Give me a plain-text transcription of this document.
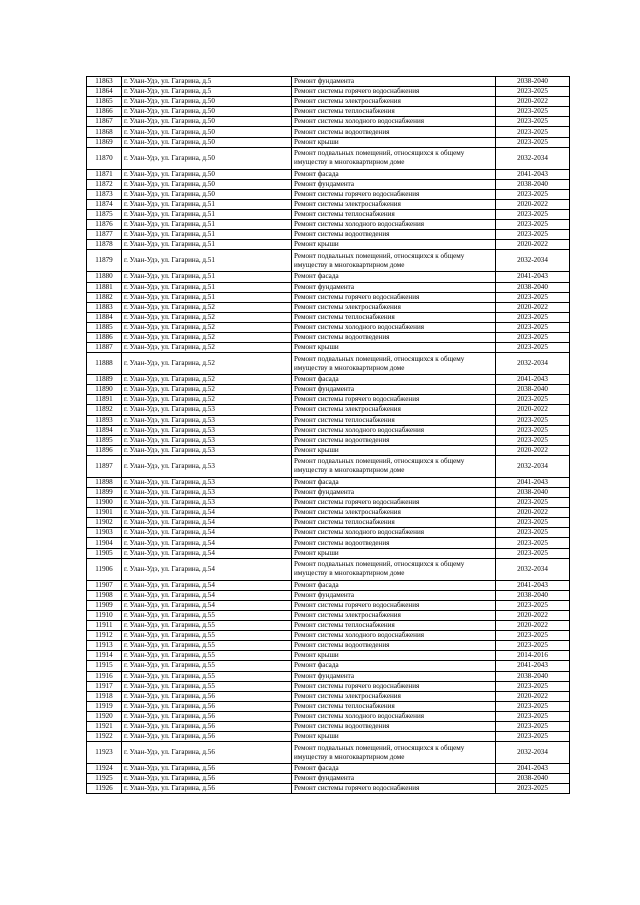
11863	г. Улан-Удэ, ул. Гагарина, д.5	Ремонт фундамента	2038-2040
11864	г. Улан-Удэ, ул. Гагарина, д.5	Ремонт системы горячего водоснабжения	2023-2025
11865	г. Улан-Удэ, ул. Гагарина, д.50	Ремонт системы электроснабжения	2020-2022
11866	г. Улан-Удэ, ул. Гагарина, д.50	Ремонт системы теплоснабжения	2023-2025
11867	г. Улан-Удэ, ул. Гагарина, д.50	Ремонт системы холодного водоснабжения	2023-2025
11868	г. Улан-Удэ, ул. Гагарина, д.50	Ремонт системы водоотведения	2023-2025
11869	г. Улан-Удэ, ул. Гагарина, д.50	Ремонт крыши	2023-2025
11870	г. Улан-Удэ, ул. Гагарина, д.50	Ремонт подвальных помещений, относящихся к общему имуществу в многоквартирном доме	2032-2034
11871	г. Улан-Удэ, ул. Гагарина, д.50	Ремонт фасада	2041-2043
11872	г. Улан-Удэ, ул. Гагарина, д.50	Ремонт фундамента	2038-2040
11873	г. Улан-Удэ, ул. Гагарина, д.50	Ремонт системы горячего водоснабжения	2023-2025
11874	г. Улан-Удэ, ул. Гагарина, д.51	Ремонт системы электроснабжения	2020-2022
11875	г. Улан-Удэ, ул. Гагарина, д.51	Ремонт системы теплоснабжения	2023-2025
11876	г. Улан-Удэ, ул. Гагарина, д.51	Ремонт системы холодного водоснабжения	2023-2025
11877	г. Улан-Удэ, ул. Гагарина, д.51	Ремонт системы водоотведения	2023-2025
11878	г. Улан-Удэ, ул. Гагарина, д.51	Ремонт крыши	2020-2022
11879	г. Улан-Удэ, ул. Гагарина, д.51	Ремонт подвальных помещений, относящихся к общему имуществу в многоквартирном доме	2032-2034
11880	г. Улан-Удэ, ул. Гагарина, д.51	Ремонт фасада	2041-2043
11881	г. Улан-Удэ, ул. Гагарина, д.51	Ремонт фундамента	2038-2040
11882	г. Улан-Удэ, ул. Гагарина, д.51	Ремонт системы горячего водоснабжения	2023-2025
11883	г. Улан-Удэ, ул. Гагарина, д.52	Ремонт системы электроснабжения	2020-2022
11884	г. Улан-Удэ, ул. Гагарина, д.52	Ремонт системы теплоснабжения	2023-2025
11885	г. Улан-Удэ, ул. Гагарина, д.52	Ремонт системы холодного водоснабжения	2023-2025
11886	г. Улан-Удэ, ул. Гагарина, д.52	Ремонт системы водоотведения	2023-2025
11887	г. Улан-Удэ, ул. Гагарина, д.52	Ремонт крыши	2023-2025
11888	г. Улан-Удэ, ул. Гагарина, д.52	Ремонт подвальных помещений, относящихся к общему имуществу в многоквартирном доме	2032-2034
11889	г. Улан-Удэ, ул. Гагарина, д.52	Ремонт фасада	2041-2043
11890	г. Улан-Удэ, ул. Гагарина, д.52	Ремонт фундамента	2038-2040
11891	г. Улан-Удэ, ул. Гагарина, д.52	Ремонт системы горячего водоснабжения	2023-2025
11892	г. Улан-Удэ, ул. Гагарина, д.53	Ремонт системы электроснабжения	2020-2022
11893	г. Улан-Удэ, ул. Гагарина, д.53	Ремонт системы теплоснабжения	2023-2025
11894	г. Улан-Удэ, ул. Гагарина, д.53	Ремонт системы холодного водоснабжения	2023-2025
11895	г. Улан-Удэ, ул. Гагарина, д.53	Ремонт системы водоотведения	2023-2025
11896	г. Улан-Удэ, ул. Гагарина, д.53	Ремонт крыши	2020-2022
11897	г. Улан-Удэ, ул. Гагарина, д.53	Ремонт подвальных помещений, относящихся к общему имуществу в многоквартирном доме	2032-2034
11898	г. Улан-Удэ, ул. Гагарина, д.53	Ремонт фасада	2041-2043
11899	г. Улан-Удэ, ул. Гагарина, д.53	Ремонт фундамента	2038-2040
11900	г. Улан-Удэ, ул. Гагарина, д.53	Ремонт системы горячего водоснабжения	2023-2025
11901	г. Улан-Удэ, ул. Гагарина, д.54	Ремонт системы электроснабжения	2020-2022
11902	г. Улан-Удэ, ул. Гагарина, д.54	Ремонт системы теплоснабжения	2023-2025
11903	г. Улан-Удэ, ул. Гагарина, д.54	Ремонт системы холодного водоснабжения	2023-2025
11904	г. Улан-Удэ, ул. Гагарина, д.54	Ремонт системы водоотведения	2023-2025
11905	г. Улан-Удэ, ул. Гагарина, д.54	Ремонт крыши	2023-2025
11906	г. Улан-Удэ, ул. Гагарина, д.54	Ремонт подвальных помещений, относящихся к общему имуществу в многоквартирном доме	2032-2034
11907	г. Улан-Удэ, ул. Гагарина, д.54	Ремонт фасада	2041-2043
11908	г. Улан-Удэ, ул. Гагарина, д.54	Ремонт фундамента	2038-2040
11909	г. Улан-Удэ, ул. Гагарина, д.54	Ремонт системы горячего водоснабжения	2023-2025
11910	г. Улан-Удэ, ул. Гагарина, д.55	Ремонт системы электроснабжения	2020-2022
11911	г. Улан-Удэ, ул. Гагарина, д.55	Ремонт системы теплоснабжения	2020-2022
11912	г. Улан-Удэ, ул. Гагарина, д.55	Ремонт системы холодного водоснабжения	2023-2025
11913	г. Улан-Удэ, ул. Гагарина, д.55	Ремонт системы водоотведения	2023-2025
11914	г. Улан-Удэ, ул. Гагарина, д.55	Ремонт крыши	2014-2016
11915	г. Улан-Удэ, ул. Гагарина, д.55	Ремонт фасада	2041-2043
11916	г. Улан-Удэ, ул. Гагарина, д.55	Ремонт фундамента	2038-2040
11917	г. Улан-Удэ, ул. Гагарина, д.55	Ремонт системы горячего водоснабжения	2023-2025
11918	г. Улан-Удэ, ул. Гагарина, д.56	Ремонт системы электроснабжения	2020-2022
11919	г. Улан-Удэ, ул. Гагарина, д.56	Ремонт системы теплоснабжения	2023-2025
11920	г. Улан-Удэ, ул. Гагарина, д.56	Ремонт системы холодного водоснабжения	2023-2025
11921	г. Улан-Удэ, ул. Гагарина, д.56	Ремонт системы водоотведения	2023-2025
11922	г. Улан-Удэ, ул. Гагарина, д.56	Ремонт крыши	2023-2025
11923	г. Улан-Удэ, ул. Гагарина, д.56	Ремонт подвальных помещений, относящихся к общему имуществу в многоквартирном доме	2032-2034
11924	г. Улан-Удэ, ул. Гагарина, д.56	Ремонт фасада	2041-2043
11925	г. Улан-Удэ, ул. Гагарина, д.56	Ремонт фундамента	2038-2040
11926	г. Улан-Удэ, ул. Гагарина, д.56	Ремонт системы горячего водоснабжения	2023-2025
